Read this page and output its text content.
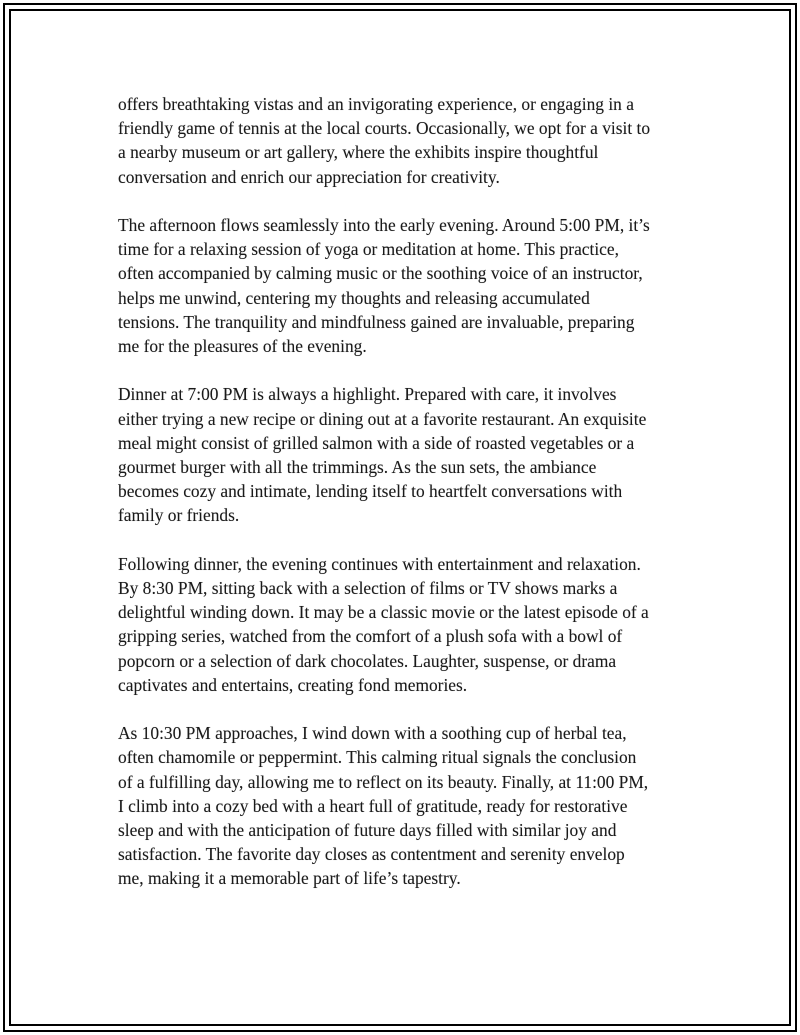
offers breathtaking vistas and an invigorating experience, or engaging in a
friendly game of tennis at the local courts. Occasionally, we opt for a visit to
a nearby museum or art gallery, where the exhibits inspire thoughtful
conversation and enrich our appreciation for creativity.

The afternoon flows seamlessly into the early evening. Around 5:00 PM, it’s
time for a relaxing session of yoga or meditation at home. This practice,
often accompanied by calming music or the soothing voice of an instructor,
helps me unwind, centering my thoughts and releasing accumulated
tensions. The tranquility and mindfulness gained are invaluable, preparing
me for the pleasures of the evening.

Dinner at 7:00 PM is always a highlight. Prepared with care, it involves
either trying a new recipe or dining out at a favorite restaurant. An exquisite
meal might consist of grilled salmon with a side of roasted vegetables or a
gourmet burger with all the trimmings. As the sun sets, the ambiance
becomes cozy and intimate, lending itself to heartfelt conversations with
family or friends.

Following dinner, the evening continues with entertainment and relaxation.
By 8:30 PM, sitting back with a selection of films or TV shows marks a
delightful winding down. It may be a classic movie or the latest episode of a
gripping series, watched from the comfort of a plush sofa with a bowl of
popcorn or a selection of dark chocolates. Laughter, suspense, or drama
captivates and entertains, creating fond memories.

As 10:30 PM approaches, I wind down with a soothing cup of herbal tea,
often chamomile or peppermint. This calming ritual signals the conclusion
of a fulfilling day, allowing me to reflect on its beauty. Finally, at 11:00 PM,
I climb into a cozy bed with a heart full of gratitude, ready for restorative
sleep and with the anticipation of future days filled with similar joy and
satisfaction. The favorite day closes as contentment and serenity envelop
me, making it a memorable part of life’s tapestry.
